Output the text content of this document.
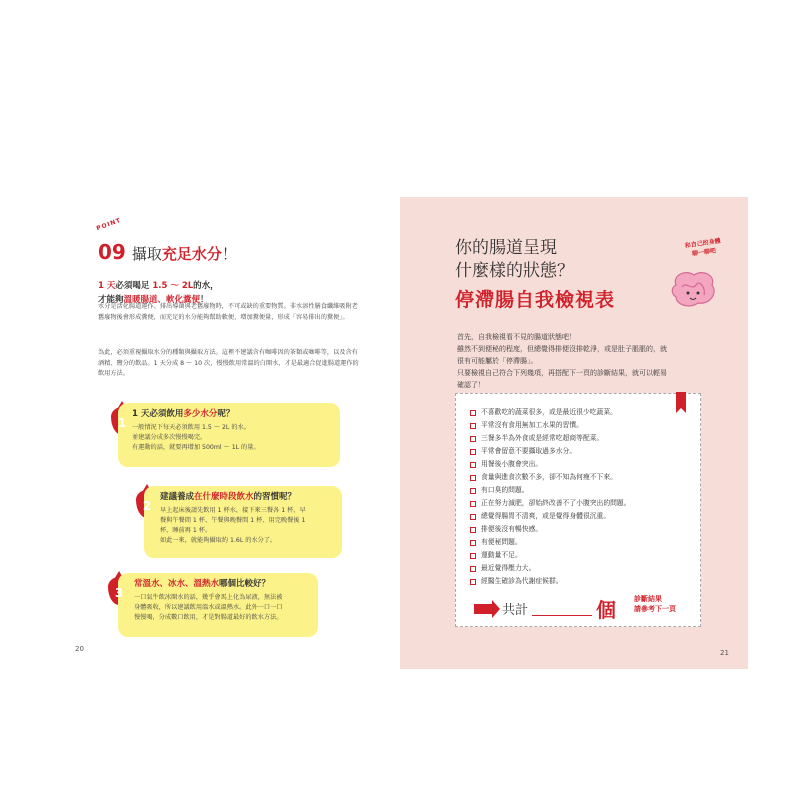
POINT
09 攝取充足水分！
1 天必須喝足 1.5 ～ 2L的水，
才能夠溫暖腸道、軟化糞便！

水分是活化腸道運作、排出導菌與老舊廢物時，不可或缺的重要物質。非水溶性膳食纖維吸附老舊廢物後會形成糞便，而充足的水分能夠幫助軟便、增加糞便量，形成「容易排出的糞便」。

為此，必須重視攝取水分的種類與攝取方法。這裡不建議含有咖啡因的茶類或咖啡等，以及含有酒精、鹽分的飲品。1 天分成 8 ～ 10 次，慢慢飲用常溫的白開水，才是最適合促進腸道運作的飲用方法。

1
1 天必須飲用多少水分呢？
一般情況下每天必須飲用 1.5 ～ 2L 的水。
並建議分成多次慢慢喝完。
有運動的話，就要再增加 500ml ～ 1L 的量。
2
建議養成在什麼時段飲水的習慣呢？
早上起床後請先飲用 1 杯水，接下來三餐各 1 杯、早
餐與午餐間 1 杯、午餐與晚餐間 1 杯、用完晚餐後 1
杯，睡前再 1 杯。
如此一來，就能夠攝取約 1.6L 的水分了。
3
常溫水、冰水、溫熱水哪個比較好？
一口氣牛飲冰開水的話，幾乎會馬上化為尿液，無法被
身體吸收，所以建議飲用溫水或溫熱水。此外一口一口
慢慢喝，分成數口飲用，才是對腸道最好的飲水方法。
20
你的腸道呈現
什麼樣的狀態？
停滯腸自我檢視表
和自己的身體
聊一聊吧
首先，自我檢視看不見的腸道狀態吧！
雖然不到便秘的程度，但總覺得排便沒排乾淨，或是肚子脹脹的，就
很有可能屬於「停滯腸」。
只要檢視自己符合下列幾項，再搭配下一頁的診斷結果，就可以輕易
確認了！
不喜歡吃的蔬菜很多，或是最近很少吃蔬菜。
平常沒有食用無加工水果的習慣。
三餐多半為外食或是經常吃超商等配菜。
平常會留意不要攝取過多水分。
用餐後小腹會突出。
食量與進食次數不多，卻不知為何瘦不下來。
有口臭的問題。
正在努力減肥，卻始終改善不了小腹突出的問題。
總覺得腸胃不清爽，或是覺得身體很沉重。
排便後沒有暢快感。
有便秘問題。
運動量不足。
最近覺得壓力大。
經醫生確診為代謝症候群。
共計	個	診斷結果
請參考下一頁
21
